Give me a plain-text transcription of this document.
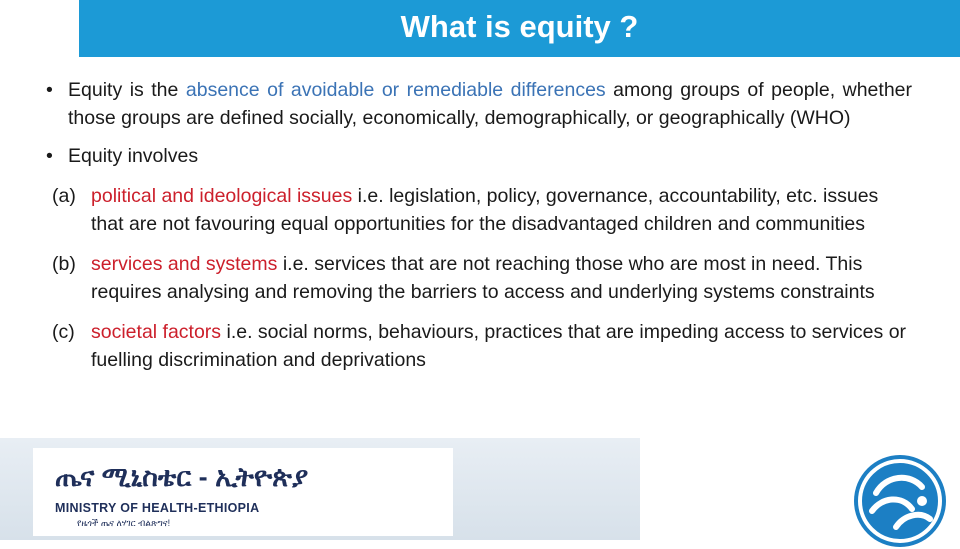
What is equity ?
• Equity is the absence of avoidable or remediable differences among groups of people, whether those groups are defined socially, economically, demographically, or geographically (WHO)
• Equity involves
(a) political and ideological issues i.e. legislation, policy, governance, accountability, etc. issues that are not favouring equal opportunities for the disadvantaged children and communities
(b) services and systems i.e. services that are not reaching those who are most in need. This requires analysing and removing the barriers to access and underlying systems constraints
(c) societal factors i.e. social norms, behaviours, practices that are impeding access to services or fuelling discrimination and deprivations
ጤና ሚኒስቴር - ኢትዮጵያ
MINISTRY OF HEALTH-ETHIOPIA
የዜጎች ጤና ለሃገር ብልጽግና!
